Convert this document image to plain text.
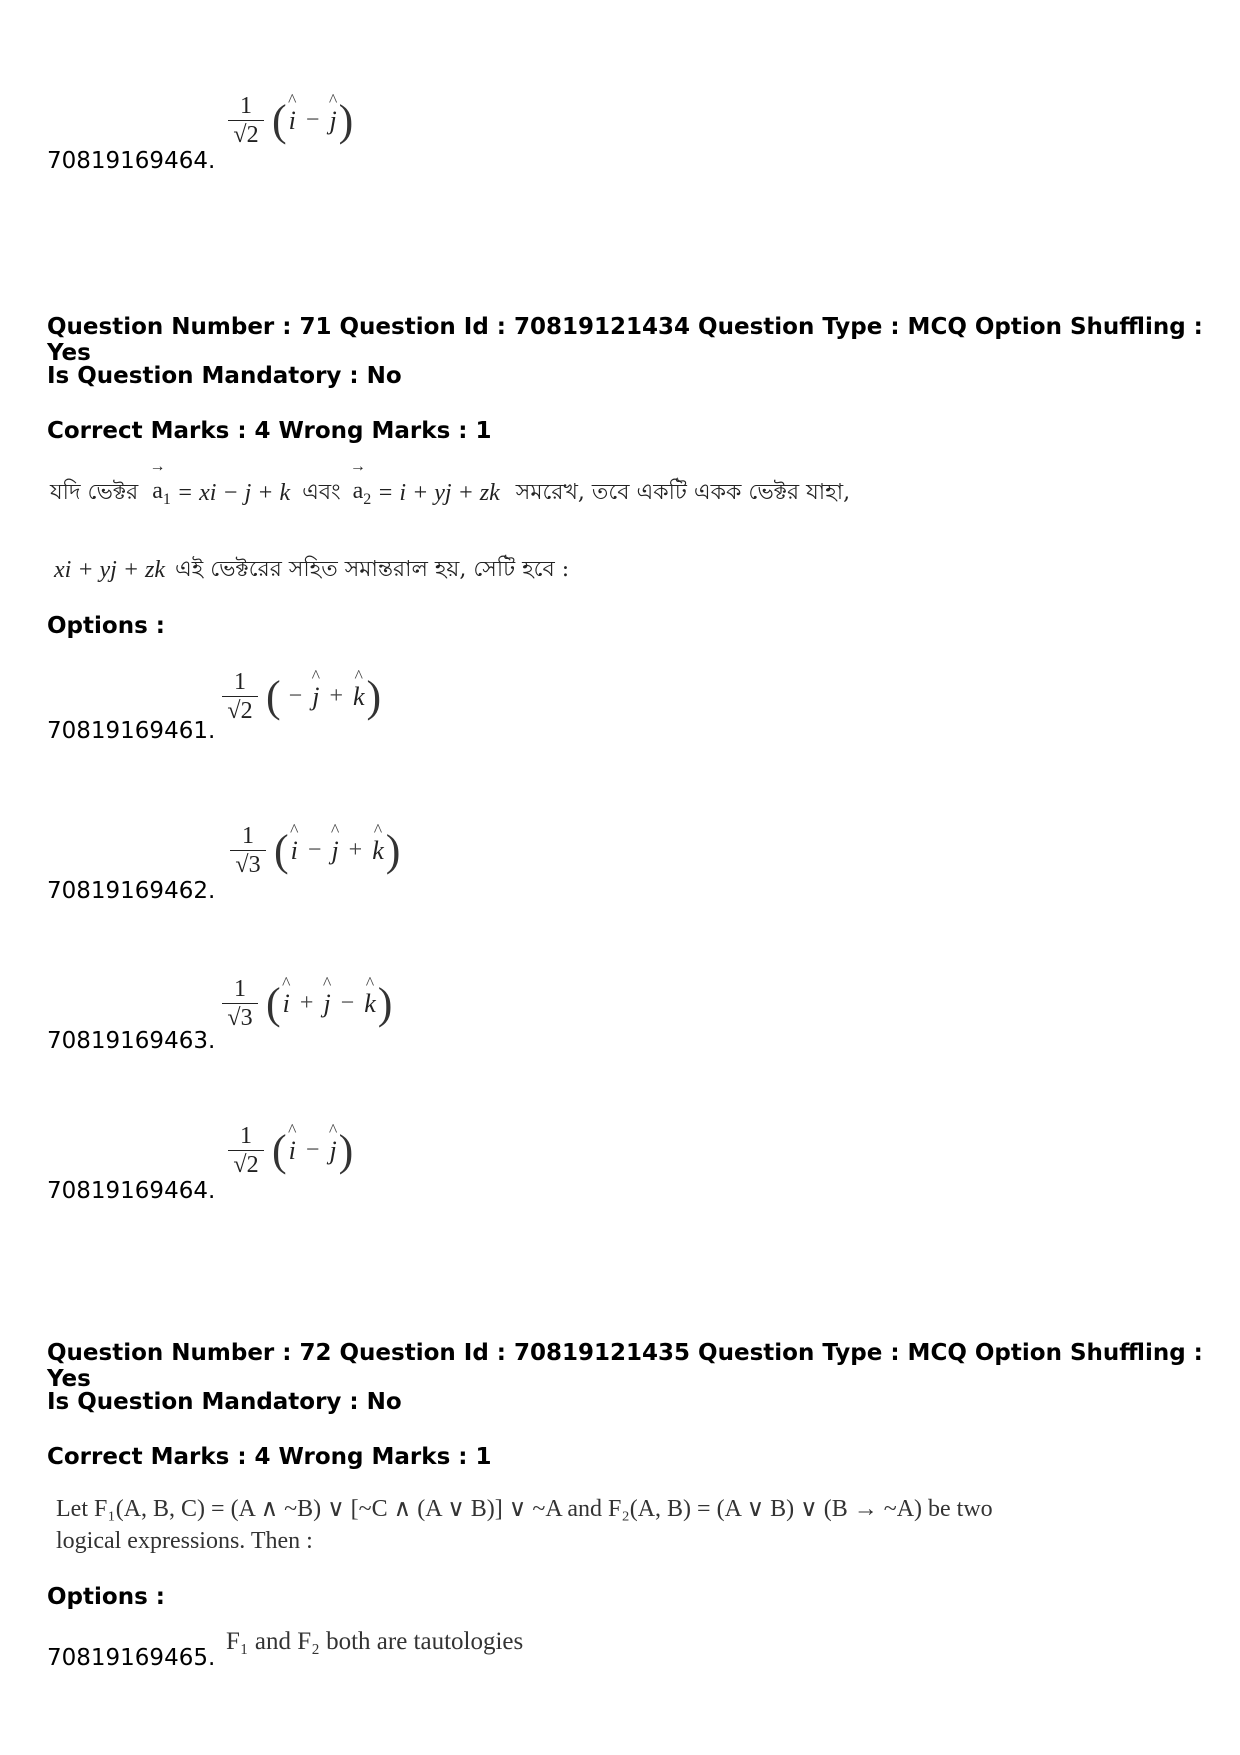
70819169464.
$\frac{1}{√2}$ ( ^ i − ^ j )
Question Number : 71 Question Id : 70819121434 Question Type : MCQ Option Shuffling : Yes
Is Question Mandatory : No
Correct Marks : 4 Wrong Marks : 1
যদি ভেক্টর → $a_1$ = xi − j + k এবং → $a_2 = i$ + yj + zk সমরেখ, তবে একটি একক ভেক্টর যাহা,
xi + yj + zk এই ভেক্টরের সহিত সমান্তরাল হয়, সেটি হবে :
Options :
70819169461.
$\frac{1}{√2}$ ( − ^ j + ^ k )
70819169462.
$\frac{1}{√3}$ ( ^ i − ^ j + ^ k )
70819169463.
$\frac{1}{√3}$ ( ^ i + ^ j − ^ k )
70819169464.
$\frac{1}{√2}$ ( ^ i − ^ j )
Question Number : 72 Question Id : 70819121435 Question Type : MCQ Option Shuffling : Yes
Is Question Mandatory : No
Correct Marks : 4 Wrong Marks : 1
Let F₁(A, B, C) = (A ∧ ~B) ∨ [~C ∧ (A ∨ B)] ∨ ~A and F₂(A, B) = (A ∨ B) ∨ (B → ~A) be two
logical expressions. Then :
Options :
70819169465.
F₁ and F₂ both are tautologies
